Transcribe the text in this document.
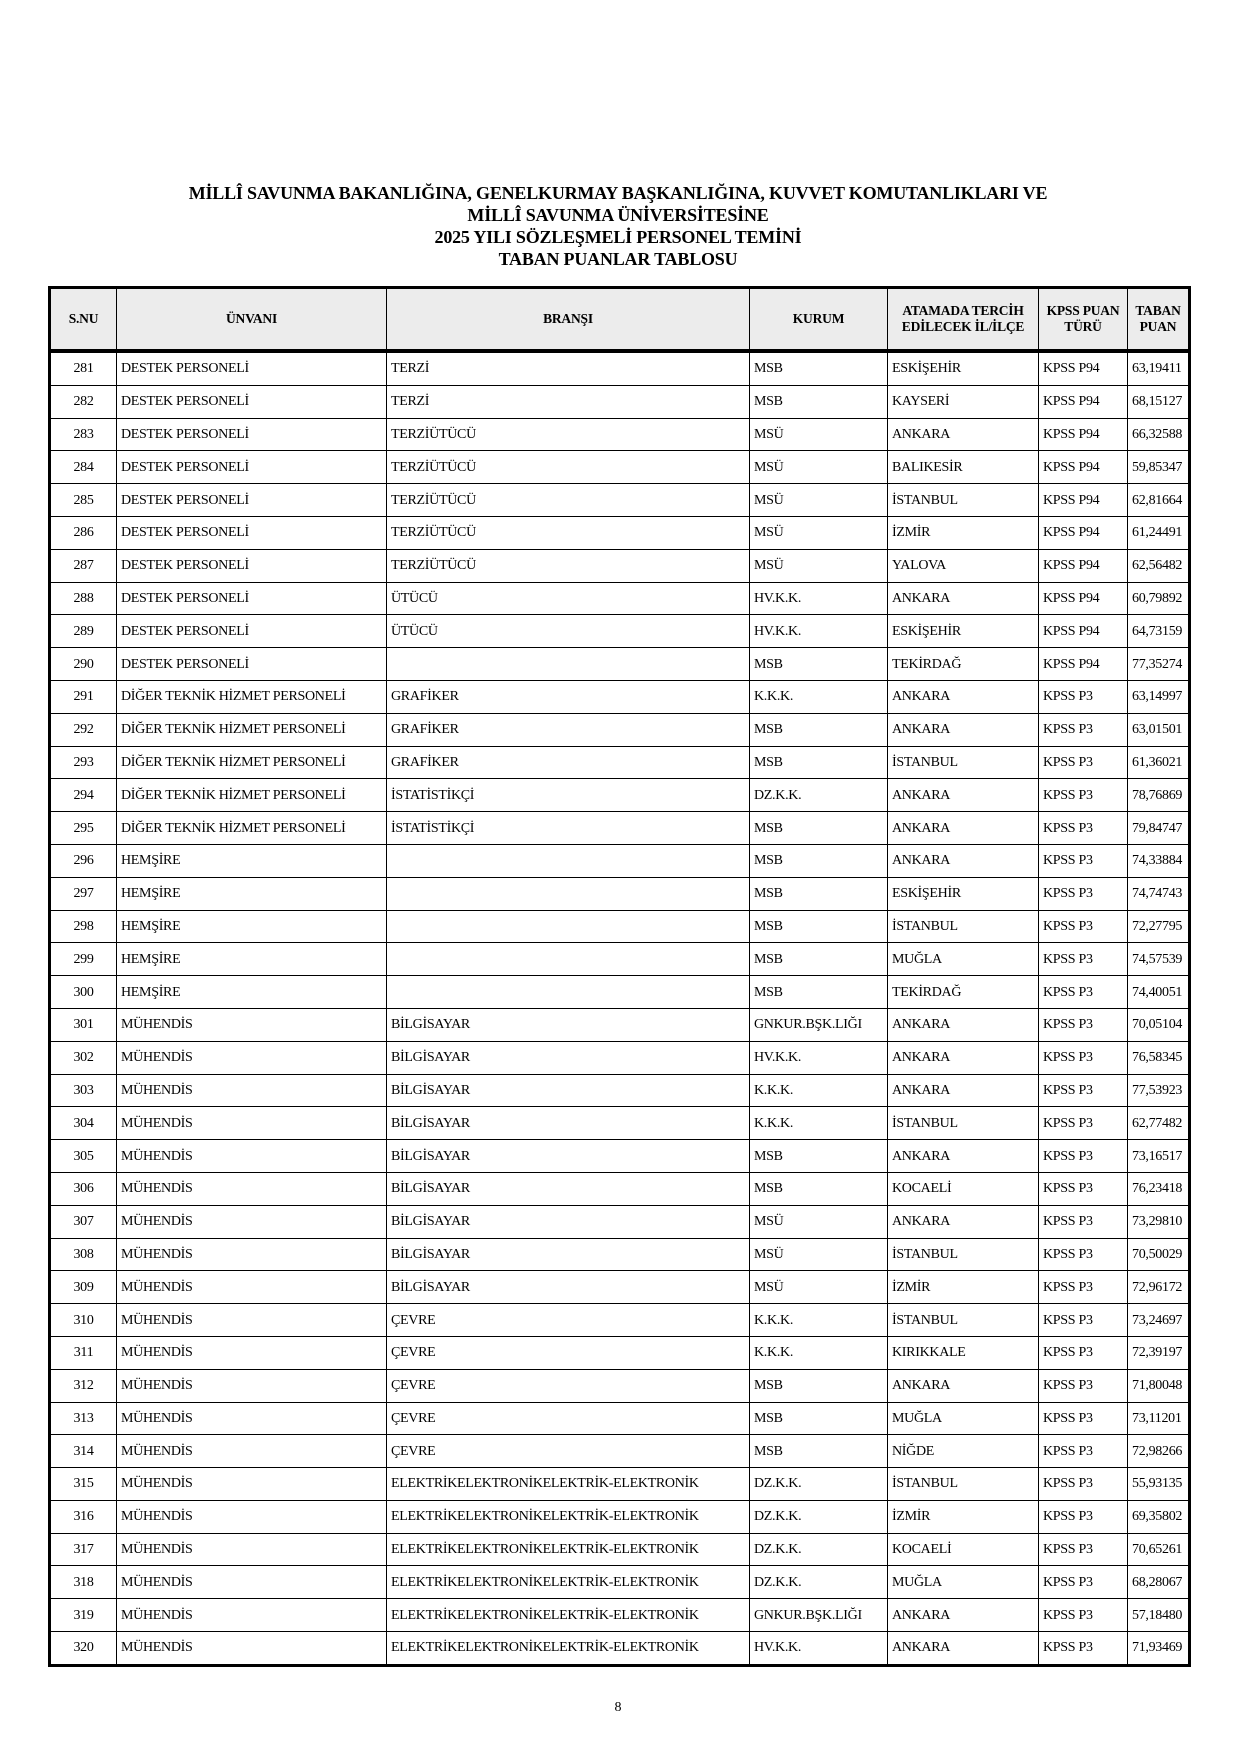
MİLLÎ SAVUNMA BAKANLIĞINA, GENELKURMAY BAŞKANLIĞINA, KUVVET KOMUTANLIKLARI VE
MİLLÎ SAVUNMA ÜNİVERSİTESİNE
2025 YILI SÖZLEŞMELİ PERSONEL TEMİNİ
TABAN PUANLAR TABLOSU
S.NU	ÜNVANI	BRANŞI	KURUM	ATAMADA TERCİH EDİLECEK İL/İLÇE	KPSS PUAN TÜRÜ	TABAN PUAN
281	DESTEK PERSONELİ	TERZİ	MSB	ESKİŞEHİR	KPSS P94	63,19411
282	DESTEK PERSONELİ	TERZİ	MSB	KAYSERİ	KPSS P94	68,15127
283	DESTEK PERSONELİ	TERZİÜTÜCÜ	MSÜ	ANKARA	KPSS P94	66,32588
284	DESTEK PERSONELİ	TERZİÜTÜCÜ	MSÜ	BALIKESİR	KPSS P94	59,85347
285	DESTEK PERSONELİ	TERZİÜTÜCÜ	MSÜ	İSTANBUL	KPSS P94	62,81664
286	DESTEK PERSONELİ	TERZİÜTÜCÜ	MSÜ	İZMİR	KPSS P94	61,24491
287	DESTEK PERSONELİ	TERZİÜTÜCÜ	MSÜ	YALOVA	KPSS P94	62,56482
288	DESTEK PERSONELİ	ÜTÜCÜ	HV.K.K.	ANKARA	KPSS P94	60,79892
289	DESTEK PERSONELİ	ÜTÜCÜ	HV.K.K.	ESKİŞEHİR	KPSS P94	64,73159
290	DESTEK PERSONELİ		MSB	TEKİRDAĞ	KPSS P94	77,35274
291	DİĞER TEKNİK HİZMET PERSONELİ	GRAFİKER	K.K.K.	ANKARA	KPSS P3	63,14997
292	DİĞER TEKNİK HİZMET PERSONELİ	GRAFİKER	MSB	ANKARA	KPSS P3	63,01501
293	DİĞER TEKNİK HİZMET PERSONELİ	GRAFİKER	MSB	İSTANBUL	KPSS P3	61,36021
294	DİĞER TEKNİK HİZMET PERSONELİ	İSTATİSTİKÇİ	DZ.K.K.	ANKARA	KPSS P3	78,76869
295	DİĞER TEKNİK HİZMET PERSONELİ	İSTATİSTİKÇİ	MSB	ANKARA	KPSS P3	79,84747
296	HEMŞİRE		MSB	ANKARA	KPSS P3	74,33884
297	HEMŞİRE		MSB	ESKİŞEHİR	KPSS P3	74,74743
298	HEMŞİRE		MSB	İSTANBUL	KPSS P3	72,27795
299	HEMŞİRE		MSB	MUĞLA	KPSS P3	74,57539
300	HEMŞİRE		MSB	TEKİRDAĞ	KPSS P3	74,40051
301	MÜHENDİS	BİLGİSAYAR	GNKUR.BŞK.LIĞI	ANKARA	KPSS P3	70,05104
302	MÜHENDİS	BİLGİSAYAR	HV.K.K.	ANKARA	KPSS P3	76,58345
303	MÜHENDİS	BİLGİSAYAR	K.K.K.	ANKARA	KPSS P3	77,53923
304	MÜHENDİS	BİLGİSAYAR	K.K.K.	İSTANBUL	KPSS P3	62,77482
305	MÜHENDİS	BİLGİSAYAR	MSB	ANKARA	KPSS P3	73,16517
306	MÜHENDİS	BİLGİSAYAR	MSB	KOCAELİ	KPSS P3	76,23418
307	MÜHENDİS	BİLGİSAYAR	MSÜ	ANKARA	KPSS P3	73,29810
308	MÜHENDİS	BİLGİSAYAR	MSÜ	İSTANBUL	KPSS P3	70,50029
309	MÜHENDİS	BİLGİSAYAR	MSÜ	İZMİR	KPSS P3	72,96172
310	MÜHENDİS	ÇEVRE	K.K.K.	İSTANBUL	KPSS P3	73,24697
311	MÜHENDİS	ÇEVRE	K.K.K.	KIRIKKALE	KPSS P3	72,39197
312	MÜHENDİS	ÇEVRE	MSB	ANKARA	KPSS P3	71,80048
313	MÜHENDİS	ÇEVRE	MSB	MUĞLA	KPSS P3	73,11201
314	MÜHENDİS	ÇEVRE	MSB	NİĞDE	KPSS P3	72,98266
315	MÜHENDİS	ELEKTRİKELEKTRONİKELEKTRİK-ELEKTRONİK	DZ.K.K.	İSTANBUL	KPSS P3	55,93135
316	MÜHENDİS	ELEKTRİKELEKTRONİKELEKTRİK-ELEKTRONİK	DZ.K.K.	İZMİR	KPSS P3	69,35802
317	MÜHENDİS	ELEKTRİKELEKTRONİKELEKTRİK-ELEKTRONİK	DZ.K.K.	KOCAELİ	KPSS P3	70,65261
318	MÜHENDİS	ELEKTRİKELEKTRONİKELEKTRİK-ELEKTRONİK	DZ.K.K.	MUĞLA	KPSS P3	68,28067
319	MÜHENDİS	ELEKTRİKELEKTRONİKELEKTRİK-ELEKTRONİK	GNKUR.BŞK.LIĞI	ANKARA	KPSS P3	57,18480
320	MÜHENDİS	ELEKTRİKELEKTRONİKELEKTRİK-ELEKTRONİK	HV.K.K.	ANKARA	KPSS P3	71,93469
8
